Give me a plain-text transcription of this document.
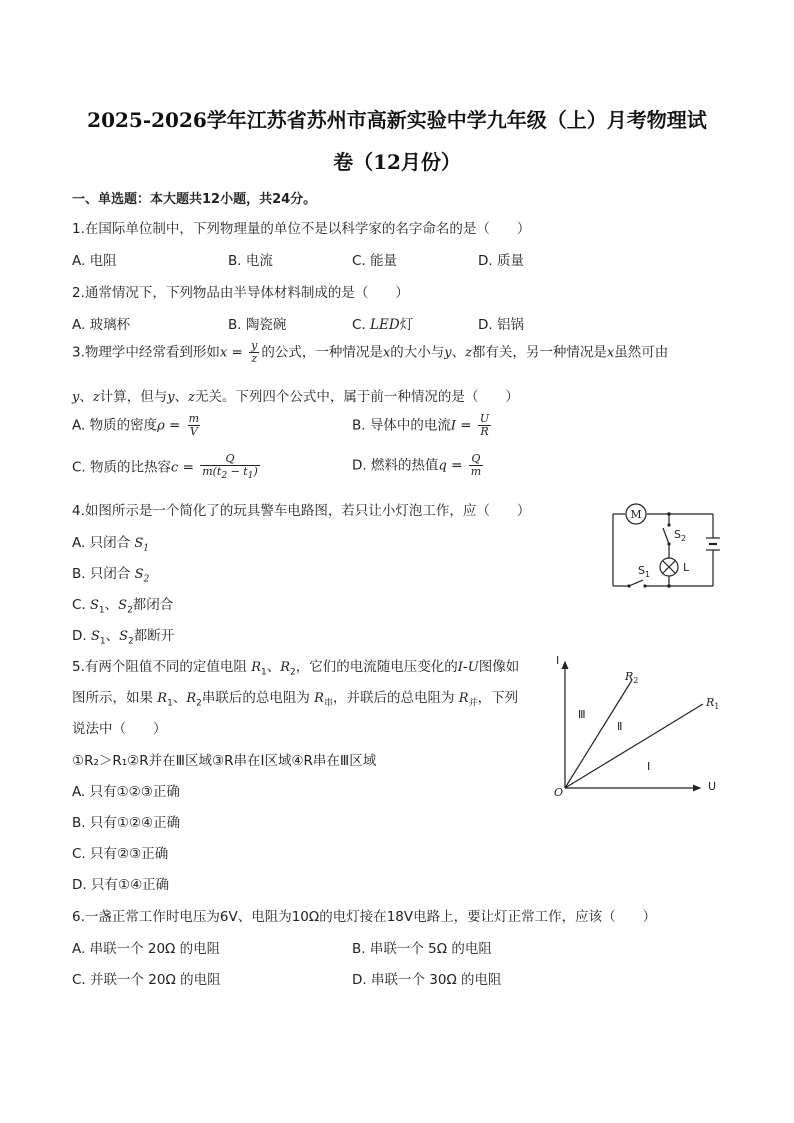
2025-2026学年江苏省苏州市高新实验中学九年级（上）月考物理试
卷（12月份）
一、单选题：本大题共12小题，共24分。
1.在国际单位制中，下列物理量的单位不是以科学家的名字命名的是（　　）
A. 电阻	B. 电流	C. 能量	D. 质量
2.通常情况下，下列物品由半导体材料制成的是（　　）
A. 玻璃杯	B. 陶瓷碗	C. LED灯	D. 铝锅
3.物理学中经常看到形如$x = \frac{y}{z}$ 的公式，一种情况是x的大小与y、z都有关，另一种情况是x虽然可由
y、z计算，但与y、z无关。下列四个公式中，属于前一种情况的是（　　）
A. 物质的密度$\rho = \frac{m}{V}$	B. 导体中的电流$I = \frac{U}{R}$
C. 物质的比热容$c = \frac{Q}{m(t_2 - t_1)}$	D. 燃料的热值$q = \frac{Q}{m}$
4.如图所示是一个简化了的玩具警车电路图，若只让小灯泡工作，应（　　）
A. 只闭合 $S_1$
B. 只闭合 $S_2$
C. $S_1$、$S_2$都闭合
D. $S_1$、$S_2$都断开
M
$S_2$
L
$S_1$
5.有两个阻值不同的定值电阻 $R_1$、$R_2$，它们的电流随电压变化的I-U图像如
图所示，如果 $R_1$、$R_2$串联后的总电阻为 $R_串$，并联后的总电阻为 $R_并$，下列
说法中（　　）
①R₂＞R₁②R并在Ⅲ区域③R串在Ⅰ区域④R串在Ⅲ区域
A. 只有①②③正确
B. 只有①②④正确
C. 只有②③正确
D. 只有①④正确
I
U
O
$R_2$
$R_1$
Ⅲ
Ⅱ
Ⅰ
6.一盏正常工作时电压为6V、电阻为10Ω的电灯接在18V电路上，要让灯正常工作，应该（　　）
A. 串联一个 20Ω 的电阻	B. 串联一个 5Ω 的电阻
C. 并联一个 20Ω 的电阻	D. 串联一个 30Ω 的电阻
